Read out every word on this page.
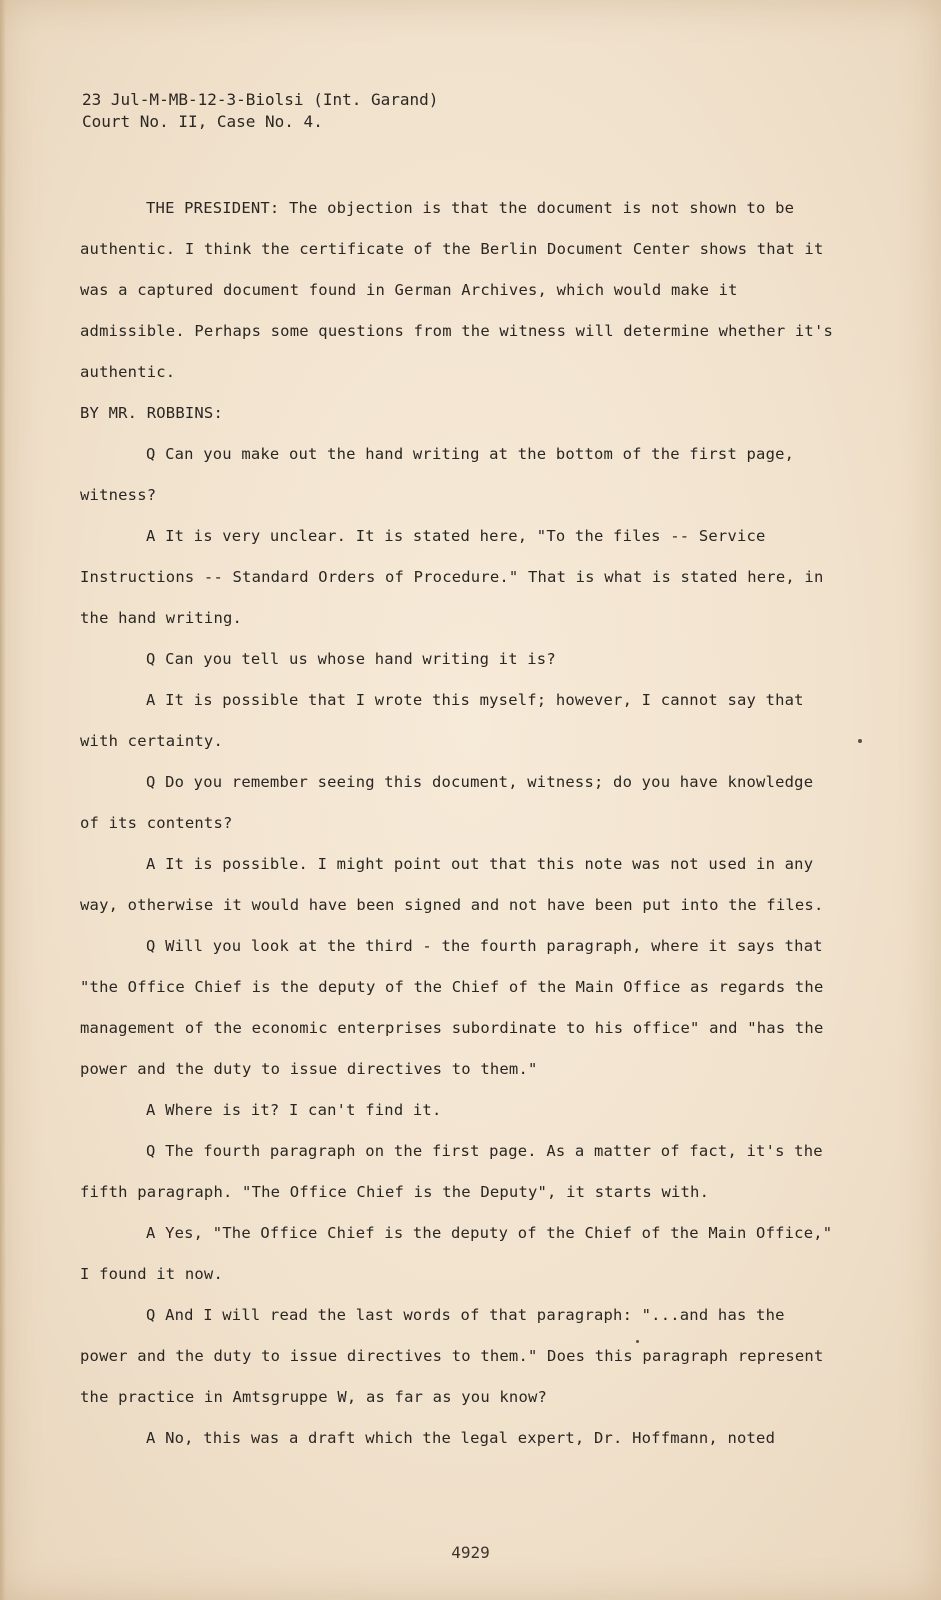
23 Jul-M-MB-12-3-Biolsi (Int. Garand)
Court No. II, Case No. 4.

THE PRESIDENT: The objection is that the document is not shown to be authentic. I think the certificate of the Berlin Document Center shows that it was a captured document found in German Archives, which would make it admissible. Perhaps some questions from the witness will determine whether it's authentic.

BY MR. ROBBINS:

Q Can you make out the hand writing at the bottom of the first page, witness?

A It is very unclear. It is stated here, "To the files -- Service Instructions -- Standard Orders of Procedure." That is what is stated here, in the hand writing.

Q Can you tell us whose hand writing it is?

A It is possible that I wrote this myself; however, I cannot say that with certainty.

Q Do you remember seeing this document, witness; do you have knowledge of its contents?

A It is possible. I might point out that this note was not used in any way, otherwise it would have been signed and not have been put into the files.

Q Will you look at the third - the fourth paragraph, where it says that "the Office Chief is the deputy of the Chief of the Main Office as regards the management of the economic enterprises subordinate to his office" and "has the power and the duty to issue directives to them."

A Where is it? I can't find it.

Q The fourth paragraph on the first page. As a matter of fact, it's the fifth paragraph. "The Office Chief is the Deputy", it starts with.

A Yes, "The Office Chief is the deputy of the Chief of the Main Office," I found it now.

Q And I will read the last words of that paragraph: "...and has the power and the duty to issue directives to them." Does this paragraph represent the practice in Amtsgruppe W, as far as you know?

A No, this was a draft which the legal expert, Dr. Hoffmann, noted

4929
